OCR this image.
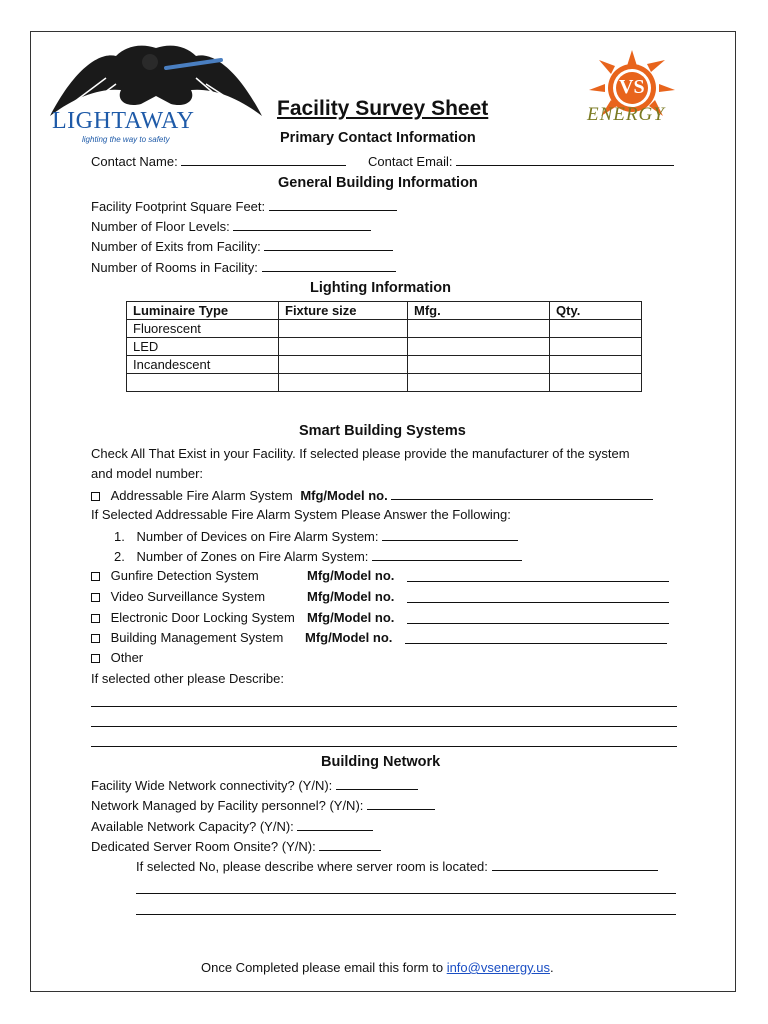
LIGHTAWAY
lighting the way to safety
VS
ENERGY
Facility Survey Sheet
Primary Contact Information
Contact Name:	Contact Email:
General Building Information
Facility Footprint Square Feet:
Number of Floor Levels:
Number of Exits from Facility:
Number of Rooms in Facility:
Lighting Information
Luminaire Type	Fixture size	Mfg.	Qty.
Fluorescent			
LED			
Incandescent			

Smart Building Systems
Check All That Exist in your Facility. If selected please provide the manufacturer of the system
and model number:
Addressable Fire Alarm System Mfg/Model no.
If Selected Addressable Fire Alarm System Please Answer the Following:
1. Number of Devices on Fire Alarm System:
2. Number of Zones on Fire Alarm System:
Gunfire Detection System	Mfg/Model no.
Video Surveillance System	Mfg/Model no.
Electronic Door Locking System Mfg/Model no.
Building Management System Mfg/Model no.
Other
If selected other please Describe:
Building Network
Facility Wide Network connectivity? (Y/N):
Network Managed by Facility personnel? (Y/N):
Available Network Capacity? (Y/N):
Dedicated Server Room Onsite? (Y/N):
If selected No, please describe where server room is located:
Once Completed please email this form to info@vsenergy.us.
